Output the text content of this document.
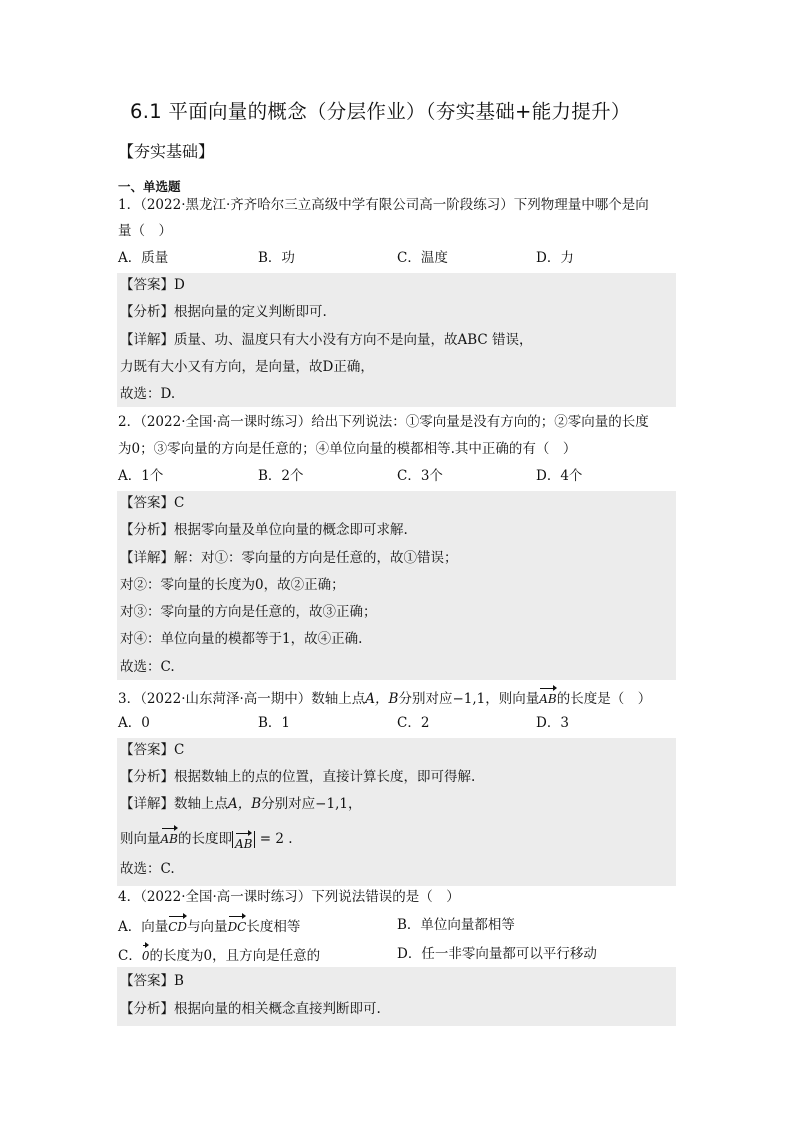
6.1 平面向量的概念（分层作业）（夯实基础+能力提升）
【夯实基础】
一、单选题
1．（2022·黑龙江·齐齐哈尔三立高级中学有限公司高一阶段练习）下列物理量中哪个是向
量（　）
A．质量	B．功	C．温度	D．力
【答案】D
【分析】根据向量的定义判断即可.
【详解】质量、功、温度只有大小没有方向不是向量，故ABC 错误，
力既有大小又有方向，是向量，故D正确，
故选：D.
2．（2022·全国·高一课时练习）给出下列说法：①零向量是没有方向的；②零向量的长度
为0；③零向量的方向是任意的；④单位向量的模都相等.其中正确的有（　）
A．1个	B．2个	C．3个	D．4个
【答案】C
【分析】根据零向量及单位向量的概念即可求解.
【详解】解：对①：零向量的方向是任意的，故①错误；
对②：零向量的长度为0，故②正确；
对③：零向量的方向是任意的，故③正确；
对④：单位向量的模都等于1，故④正确.
故选：C.
3．（2022·山东菏泽·高一期中）数轴上点A，B分别对应−1,1，则向量AB的长度是（　）
A．0	B．1	C．2	D．3
【答案】C
【分析】根据数轴上的点的位置，直接计算长度，即可得解.
【详解】数轴上点A，B分别对应−1,1，
则向量AB的长度即 AB = 2 .
故选：C.
4．（2022·全国·高一课时练习）下列说法错误的是（　）
A．向量CD与向量DC长度相等	B．单位向量都相等
C．0的长度为0，且方向是任意的	D．任一非零向量都可以平行移动
【答案】B
【分析】根据向量的相关概念直接判断即可.
